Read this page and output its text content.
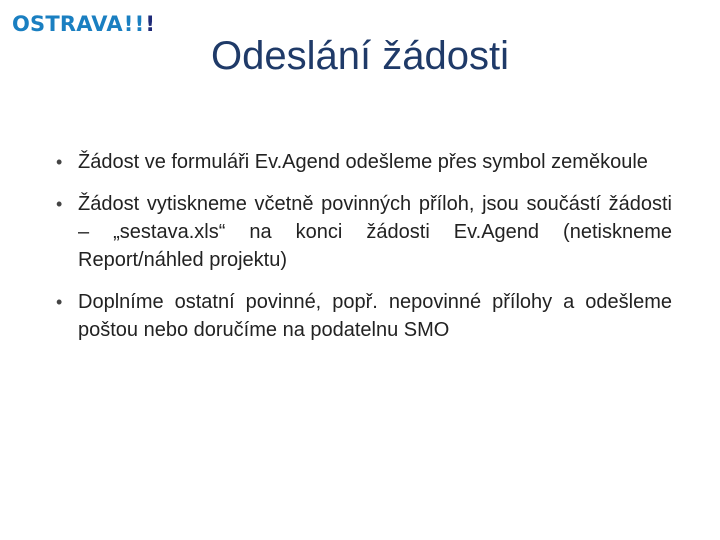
OSTRAVA ! ! !
Odeslání žádosti
• Žádost ve formuláři Ev.Agend odešleme přes symbol zeměkoule
• Žádost vytiskneme včetně povinných příloh, jsou součástí žádosti – „sestava.xls“ na konci žádosti Ev.Agend (netiskneme Report/náhled projektu)
• Doplníme ostatní povinné, popř. nepovinné přílohy a odešleme poštou nebo doručíme na podatelnu SMO
